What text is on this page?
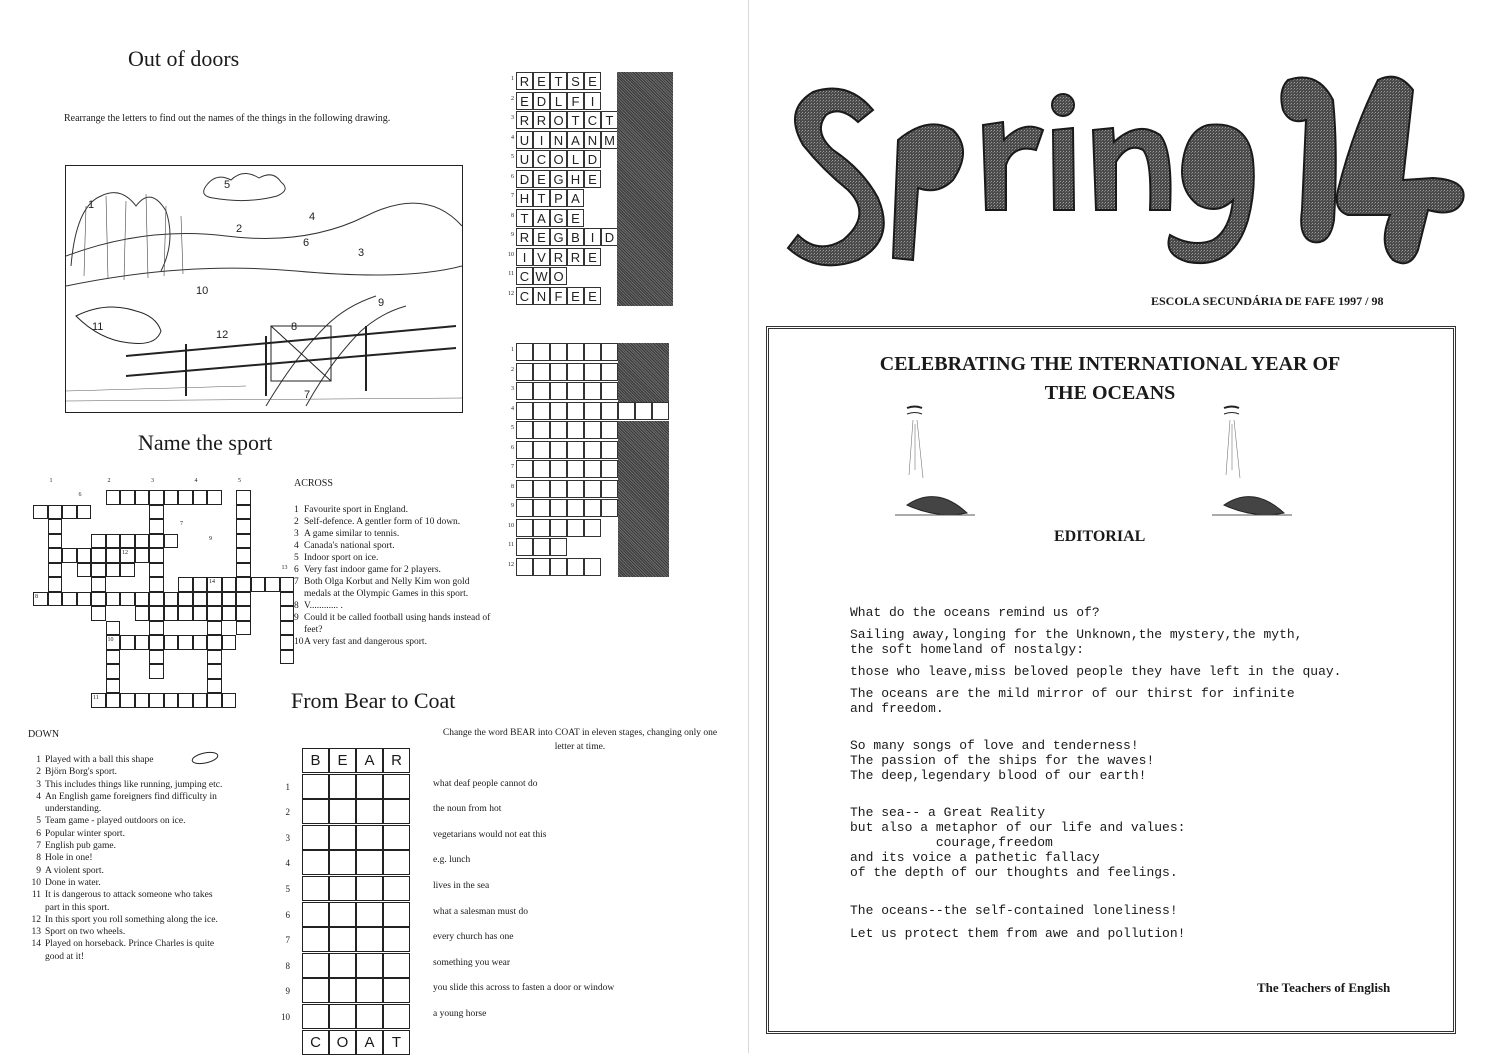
Out of doors
Rearrange the letters to find out the names of the things in the following drawing.
1
2
3
4
5
6
7
8
9
10
11
12
1 R E T S E
2 E D L F I
3 R R O T C T
4 U I N A N M
5 U C O L D
6 D E G H E
7 H T P A
8 T A G E
9 R E G B I D
10 I V R R E
11 C W O
12 C N F E E
1
2
3
4
5
6
7
8
9
10
11
12
Name the sport
1	2	3	4	5
6
7
8
9
10
11
12
13
14
ACROSS
1 Favourite sport in England.
2 Self-defence. A gentler form of 10 down.
3 A game similar to tennis.
4 Canada's national sport.
5 Indoor sport on ice.
6 Very fast indoor game for 2 players.
7 Both Olga Korbut and Nelly Kim won gold medals at the Olympic Games in this sport.
8 V............ .
9 Could it be called football using hands instead of feet?
10 A very fast and dangerous sport.
From Bear to Coat
DOWN
1 Played with a ball this shape
2 Björn Borg's sport.
3 This includes things like running, jumping etc.
4 An English game foreigners find difficulty in understanding.
5 Team game - played outdoors on ice.
6 Popular winter sport.
7 English pub game.
8 Hole in one!
9 A violent sport.
10 Done in water.
11 It is dangerous to attack someone who takes part in this sport.
12 In this sport you roll something along the ice.
13 Sport on two wheels.
14 Played on horseback. Prince Charles is quite good at it!
Change the word BEAR into COAT in eleven stages, changing only one letter at time.
B	E	A	R
C	O	A	T
1	what deaf people cannot do
2	the noun from hot
3	vegetarians would not eat this
4	e.g. lunch
5	lives in the sea
6	what a salesman must do
7	every church has one
8	something you wear
9	you slide this across to fasten a door or window
10	a young horse
ESCOLA SECUNDÁRIA DE FAFE 1997 / 98
CELEBRATING THE INTERNATIONAL YEAR OF
THE OCEANS
EDITORIAL
What do the oceans remind us of?
Sailing away,longing for the Unknown,the mystery,the myth,
the soft homeland of nostalgy:
those who leave,miss beloved people they have left in the quay.
The oceans are the mild mirror of our thirst for infinite
and freedom.
So many songs of love and tenderness!
The passion of the ships for the waves!
The deep,legendary blood of our earth!
The sea-- a Great Reality
but also a metaphor of our life and values:
courage,freedom
and its voice a pathetic fallacy
of the depth of our thoughts and feelings.
The oceans--the self-contained loneliness!
Let us protect them from awe and pollution!
The Teachers of English
